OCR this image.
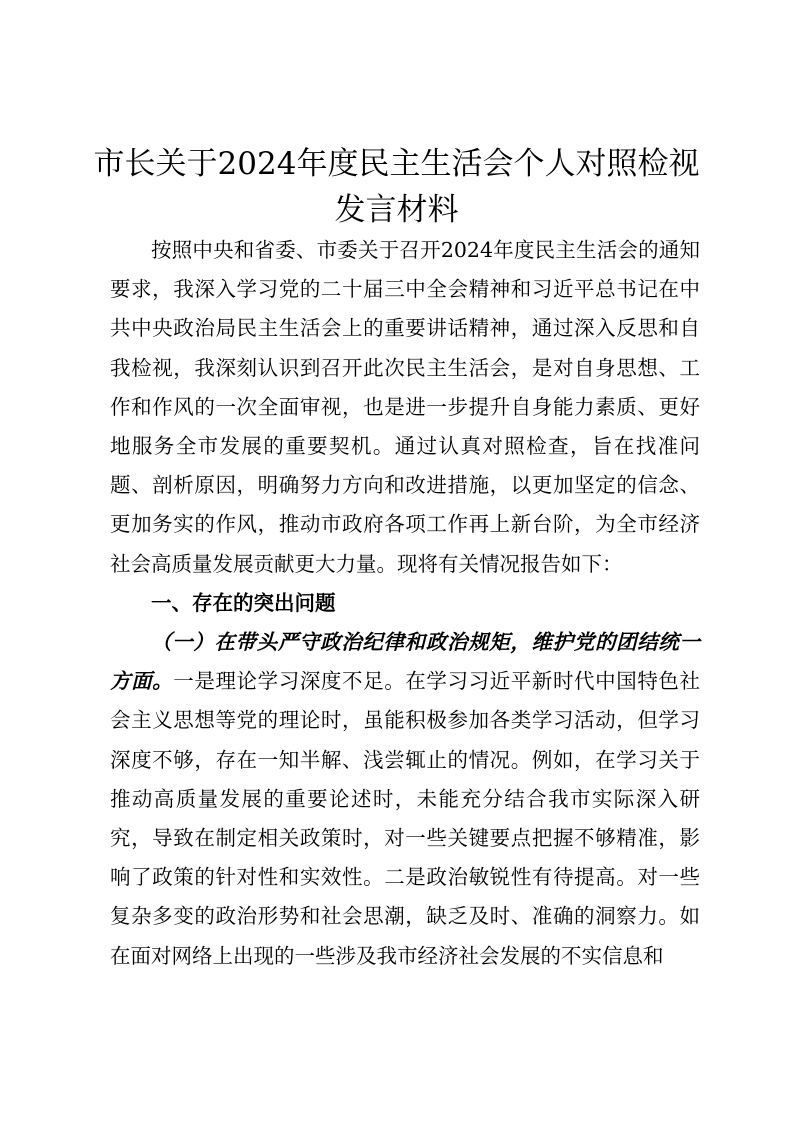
市长关于2024年度民主生活会个人对照检视
发言材料

按照中央和省委、市委关于召开2024年度民主生活会的通知要求，我深入学习党的二十届三中全会精神和习近平总书记在中共中央政治局民主生活会上的重要讲话精神，通过深入反思和自我检视，我深刻认识到召开此次民主生活会，是对自身思想、工作和作风的一次全面审视，也是进一步提升自身能力素质、更好地服务全市发展的重要契机。通过认真对照检查，旨在找准问题、剖析原因，明确努力方向和改进措施，以更加坚定的信念、更加务实的作风，推动市政府各项工作再上新台阶，为全市经济社会高质量发展贡献更大力量。现将有关情况报告如下：

一、存在的突出问题

（一）在带头严守政治纪律和政治规矩，维护党的团结统一方面。一是理论学习深度不足。在学习习近平新时代中国特色社会主义思想等党的理论时，虽能积极参加各类学习活动，但学习深度不够，存在一知半解、浅尝辄止的情况。例如，在学习关于推动高质量发展的重要论述时，未能充分结合我市实际深入研究，导致在制定相关政策时，对一些关键要点把握不够精准，影响了政策的针对性和实效性。二是政治敏锐性有待提高。对一些复杂多变的政治形势和社会思潮，缺乏及时、准确的洞察力。如在面对网络上出现的一些涉及我市经济社会发展的不实信息和
